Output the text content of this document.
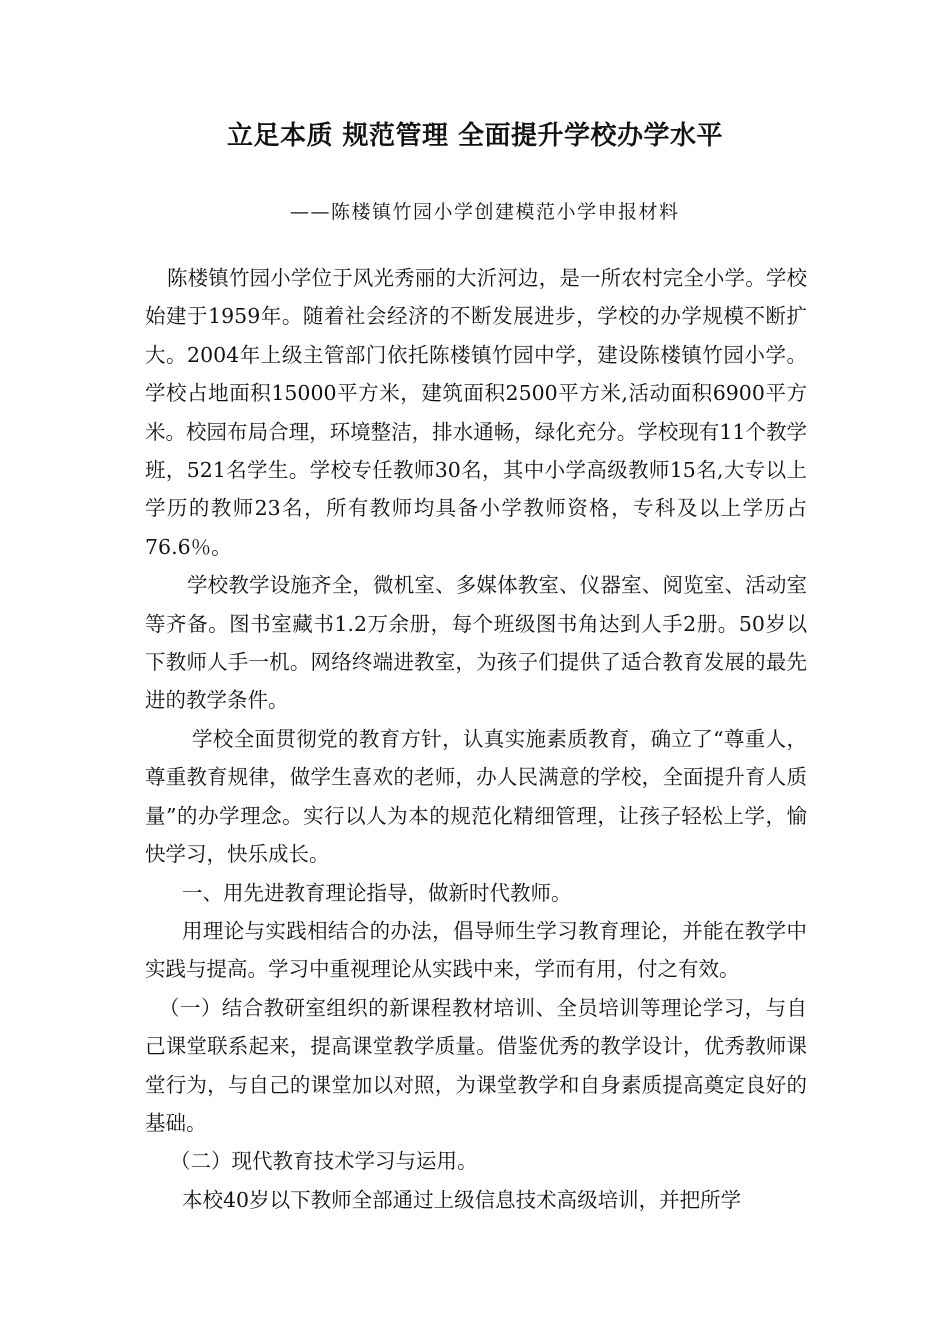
立足本质 规范管理 全面提升学校办学水平
——陈楼镇竹园小学创建模范小学申报材料

陈楼镇竹园小学位于风光秀丽的大沂河边，是一所农村完全小学。学校始建于1959年。随着社会经济的不断发展进步，学校的办学规模不断扩大。2004年上级主管部门依托陈楼镇竹园中学，建设陈楼镇竹园小学。学校占地面积15000平方米，建筑面积2500平方米,活动面积6900平方米。校园布局合理，环境整洁，排水通畅，绿化充分。学校现有11个教学班，521名学生。学校专任教师30名，其中小学高级教师15名,大专以上学历的教师23名，所有教师均具备小学教师资格，专科及以上学历占76.6％。

学校教学设施齐全，微机室、多媒体教室、仪器室、阅览室、活动室等齐备。图书室藏书1.2万余册，每个班级图书角达到人手2册。50岁以下教师人手一机。网络终端进教室，为孩子们提供了适合教育发展的最先进的教学条件。

学校全面贯彻党的教育方针，认真实施素质教育，确立了“尊重人，尊重教育规律，做学生喜欢的老师，办人民满意的学校，全面提升育人质量”的办学理念。实行以人为本的规范化精细管理，让孩子轻松上学，愉快学习，快乐成长。

一、用先进教育理论指导，做新时代教师。

用理论与实践相结合的办法，倡导师生学习教育理论，并能在教学中实践与提高。学习中重视理论从实践中来，学而有用，付之有效。

（一）结合教研室组织的新课程教材培训、全员培训等理论学习，与自己课堂联系起来，提高课堂教学质量。借鉴优秀的教学设计，优秀教师课堂行为，与自己的课堂加以对照，为课堂教学和自身素质提高奠定良好的基础。

（二）现代教育技术学习与运用。

本校40岁以下教师全部通过上级信息技术高级培训，并把所学
